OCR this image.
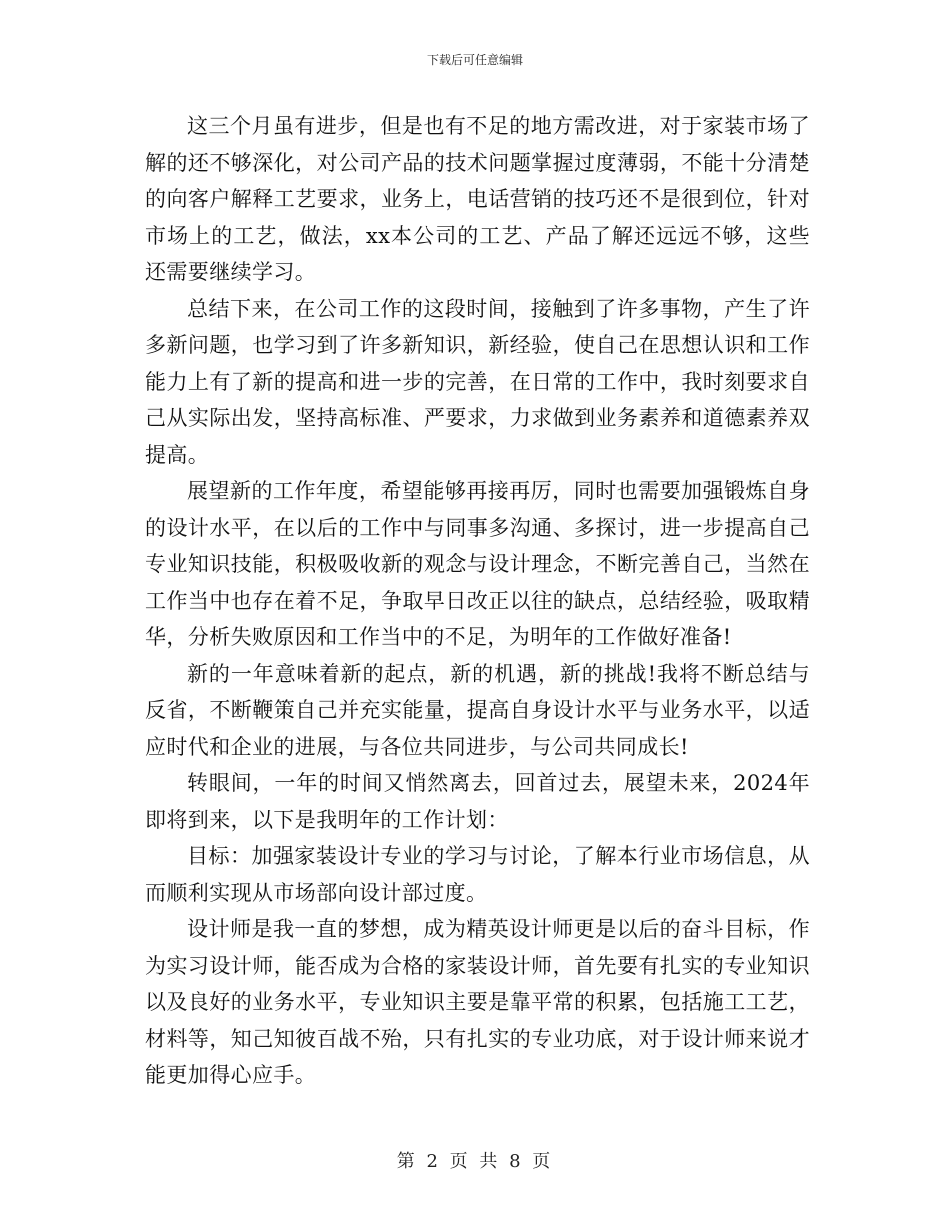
下载后可任意编辑

这三个月虽有进步，但是也有不足的地方需改进，对于家装市场了解的还不够深化，对公司产品的技术问题掌握过度薄弱，不能十分清楚的向客户解释工艺要求，业务上，电话营销的技巧还不是很到位，针对市场上的工艺，做法，xx本公司的工艺、产品了解还远远不够，这些还需要继续学习。

总结下来，在公司工作的这段时间，接触到了许多事物，产生了许多新问题，也学习到了许多新知识，新经验，使自己在思想认识和工作能力上有了新的提高和进一步的完善，在日常的工作中，我时刻要求自己从实际出发，坚持高标准、严要求，力求做到业务素养和道德素养双提高。

展望新的工作年度，希望能够再接再厉，同时也需要加强锻炼自身的设计水平，在以后的工作中与同事多沟通、多探讨，进一步提高自己专业知识技能，积极吸收新的观念与设计理念，不断完善自己，当然在工作当中也存在着不足，争取早日改正以往的缺点，总结经验，吸取精华，分析失败原因和工作当中的不足，为明年的工作做好准备!

新的一年意味着新的起点，新的机遇，新的挑战!我将不断总结与反省，不断鞭策自己并充实能量，提高自身设计水平与业务水平，以适应时代和企业的进展，与各位共同进步，与公司共同成长!

转眼间，一年的时间又悄然离去，回首过去，展望未来，2024年即将到来，以下是我明年的工作计划：

目标：加强家装设计专业的学习与讨论，了解本行业市场信息，从而顺利实现从市场部向设计部过度。

设计师是我一直的梦想，成为精英设计师更是以后的奋斗目标，作为实习设计师，能否成为合格的家装设计师，首先要有扎实的专业知识以及良好的业务水平，专业知识主要是靠平常的积累，包括施工工艺，材料等，知己知彼百战不殆，只有扎实的专业功底，对于设计师来说才能更加得心应手。

第 2 页 共 8 页
